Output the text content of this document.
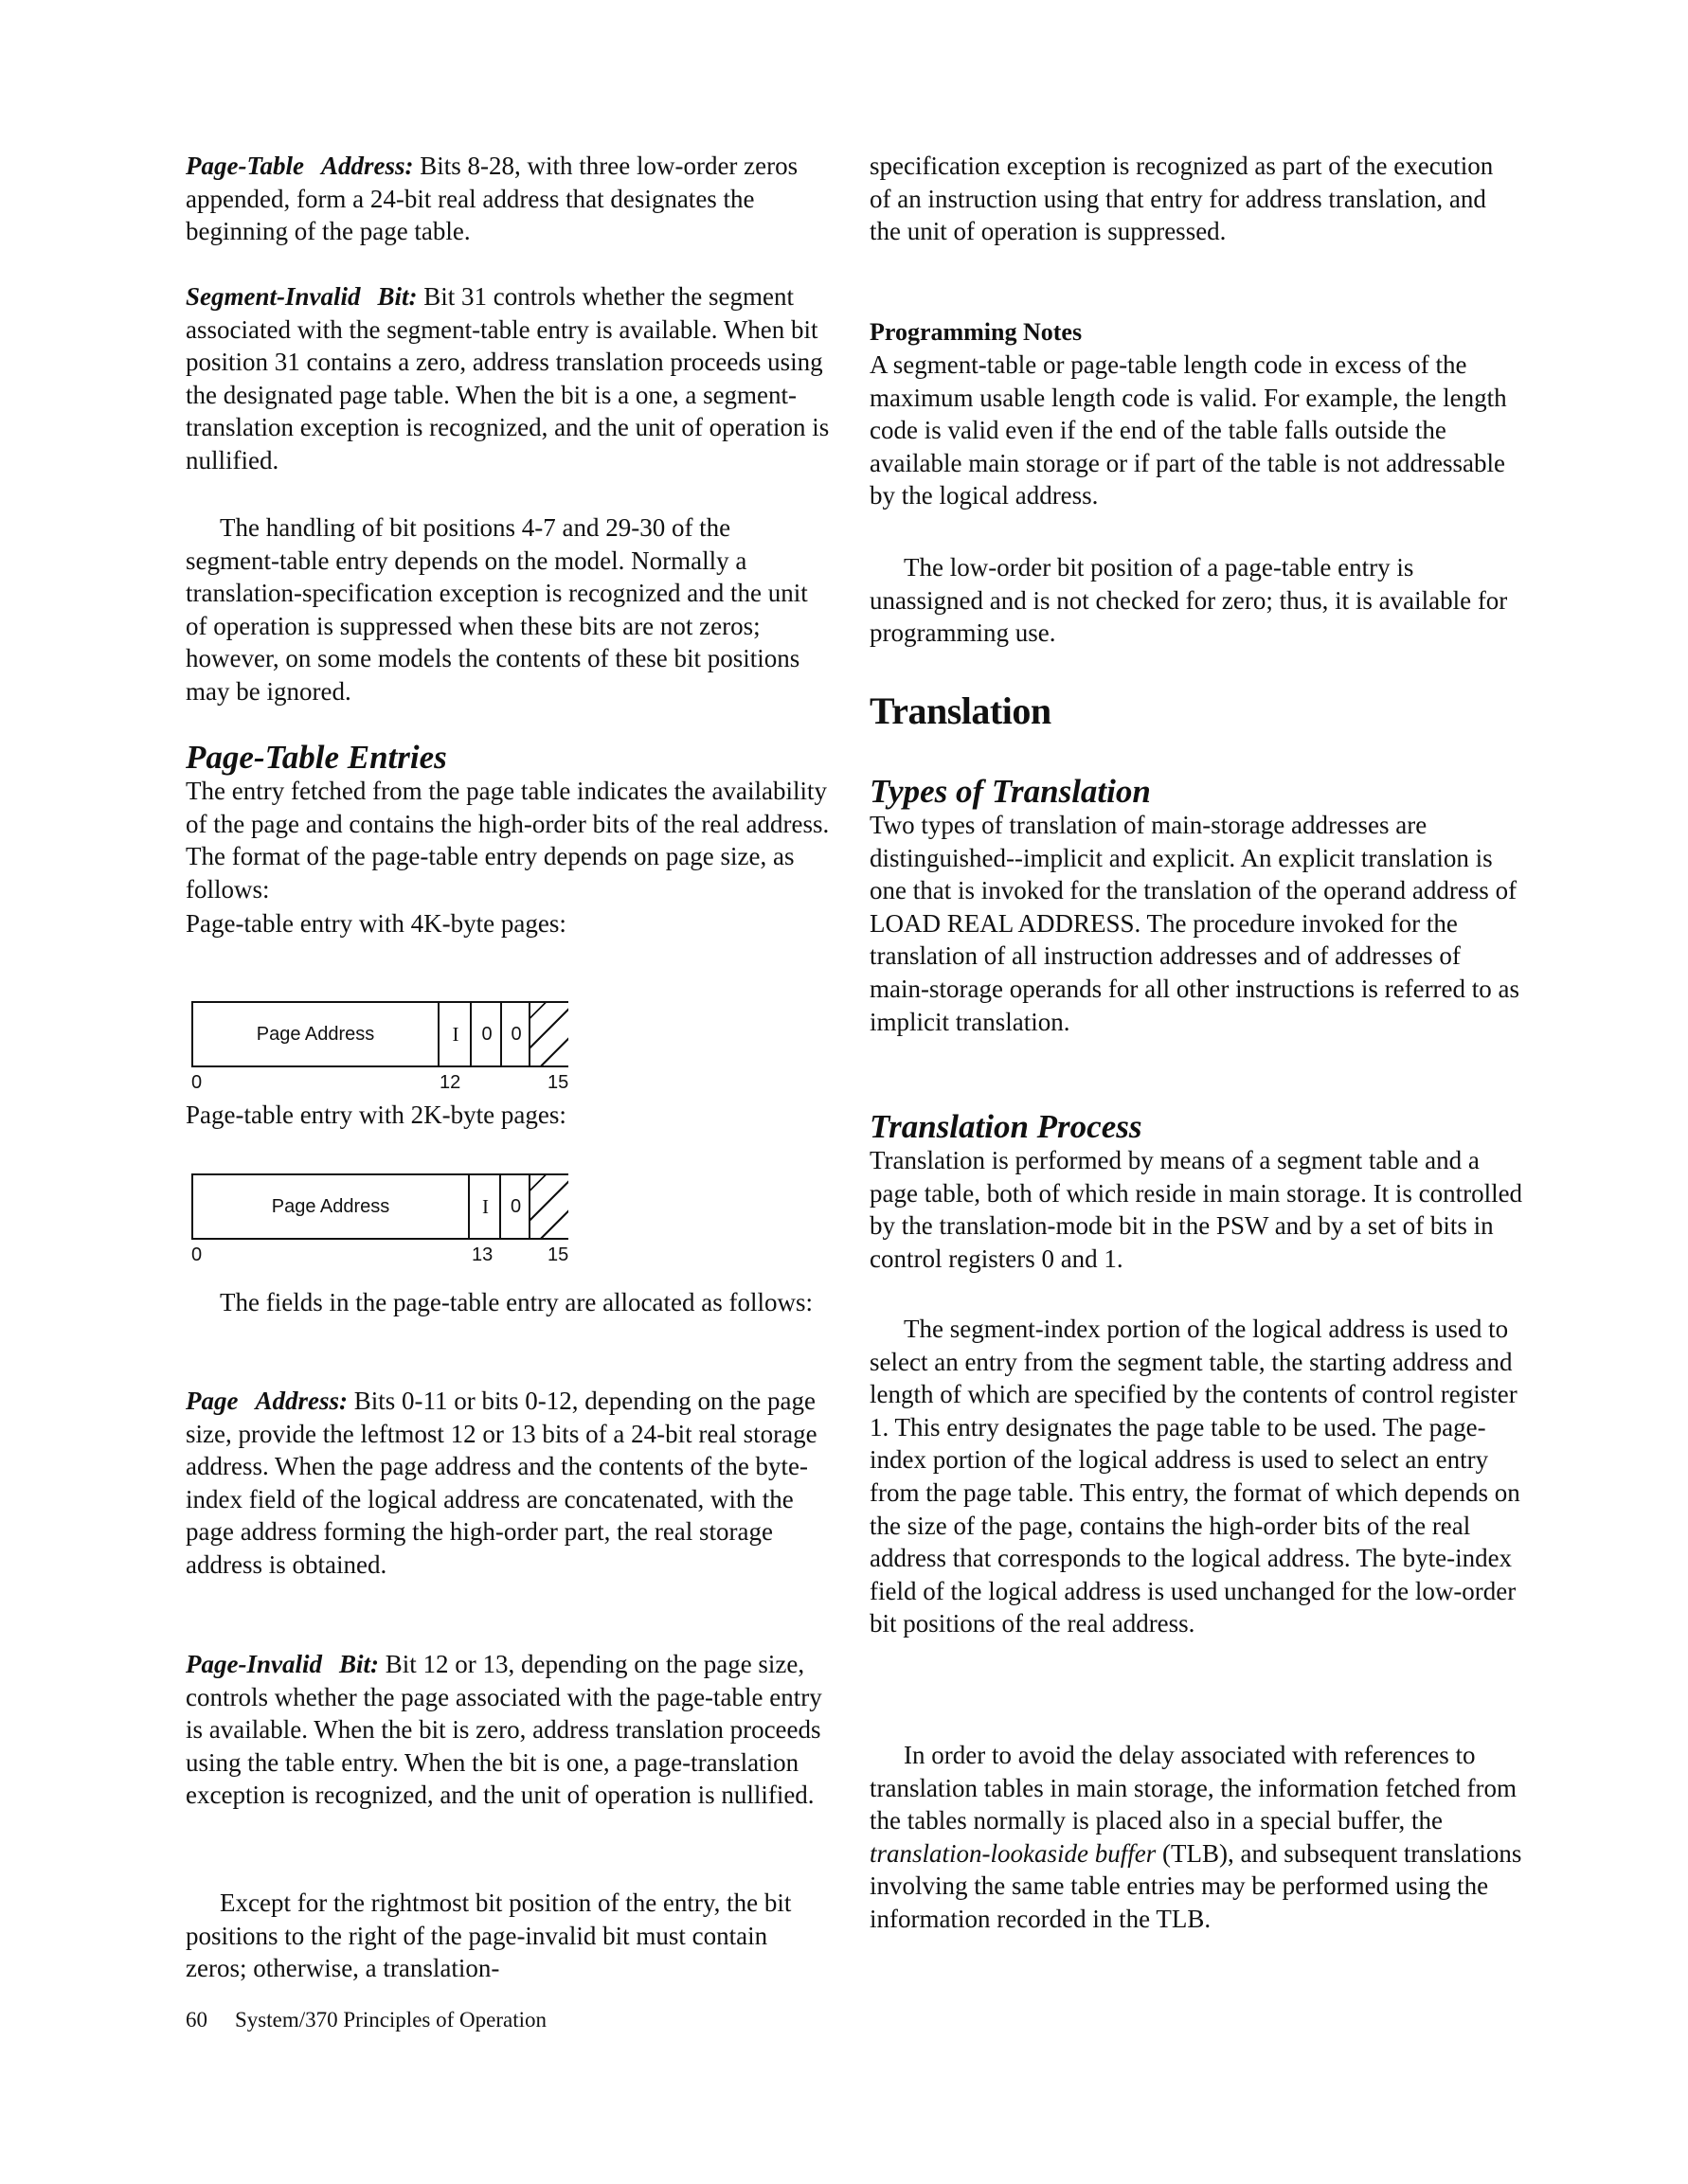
Page-Table Address: Bits 8-28, with three low-order zeros appended, form a 24-bit real address that designates the beginning of the page table.

Segment-Invalid Bit: Bit 31 controls whether the segment associated with the segment-table entry is available. When bit position 31 contains a zero, address translation proceeds using the designated page table. When the bit is a one, a segment-translation exception is recognized, and the unit of operation is nullified.

The handling of bit positions 4-7 and 29-30 of the segment-table entry depends on the model. Normally a translation-specification exception is recognized and the unit of operation is suppressed when these bits are not zeros; however, on some models the contents of these bit positions may be ignored.

Page-Table Entries

The entry fetched from the page table indicates the availability of the page and contains the high-order bits of the real address. The format of the page-table entry depends on page size, as follows:

Page-table entry with 4K-byte pages:

Page Address	I 0 0
0	12	15

Page-table entry with 2K-byte pages:

Page Address	I 0
0	13	15

The fields in the page-table entry are allocated as follows:

Page Address: Bits 0-11 or bits 0-12, depending on the page size, provide the leftmost 12 or 13 bits of a 24-bit real storage address. When the page address and the contents of the byte-index field of the logical address are concatenated, with the page address forming the high-order part, the real storage address is obtained.

Page-Invalid Bit: Bit 12 or 13, depending on the page size, controls whether the page associated with the page-table entry is available. When the bit is zero, address translation proceeds using the table entry. When the bit is one, a page-translation exception is recognized, and the unit of operation is nullified.

Except for the rightmost bit position of the entry, the bit positions to the right of the page-invalid bit must contain zeros; otherwise, a translation-

specification exception is recognized as part of the execution of an instruction using that entry for address translation, and the unit of operation is suppressed.

Programming Notes

A segment-table or page-table length code in excess of the maximum usable length code is valid. For example, the length code is valid even if the end of the table falls outside the available main storage or if part of the table is not addressable by the logical address.

The low-order bit position of a page-table entry is unassigned and is not checked for zero; thus, it is available for programming use.

Translation
Types of Translation

Two types of translation of main-storage addresses are distinguished--implicit and explicit. An explicit translation is one that is invoked for the translation of the operand address of LOAD REAL ADDRESS. The procedure invoked for the translation of all instruction addresses and of addresses of main-storage operands for all other instructions is referred to as implicit translation.

Translation Process

Translation is performed by means of a segment table and a page table, both of which reside in main storage. It is controlled by the translation-mode bit in the PSW and by a set of bits in control registers 0 and 1.

The segment-index portion of the logical address is used to select an entry from the segment table, the starting address and length of which are specified by the contents of control register 1. This entry designates the page table to be used. The page-index portion of the logical address is used to select an entry from the page table. This entry, the format of which depends on the size of the page, contains the high-order bits of the real address that corresponds to the logical address. The byte-index field of the logical address is used unchanged for the low-order bit positions of the real address.

In order to avoid the delay associated with references to translation tables in main storage, the information fetched from the tables normally is placed also in a special buffer, the translation-lookaside buffer (TLB), and subsequent translations involving the same table entries may be performed using the information recorded in the TLB.

60 System/370 Principles of Operation
